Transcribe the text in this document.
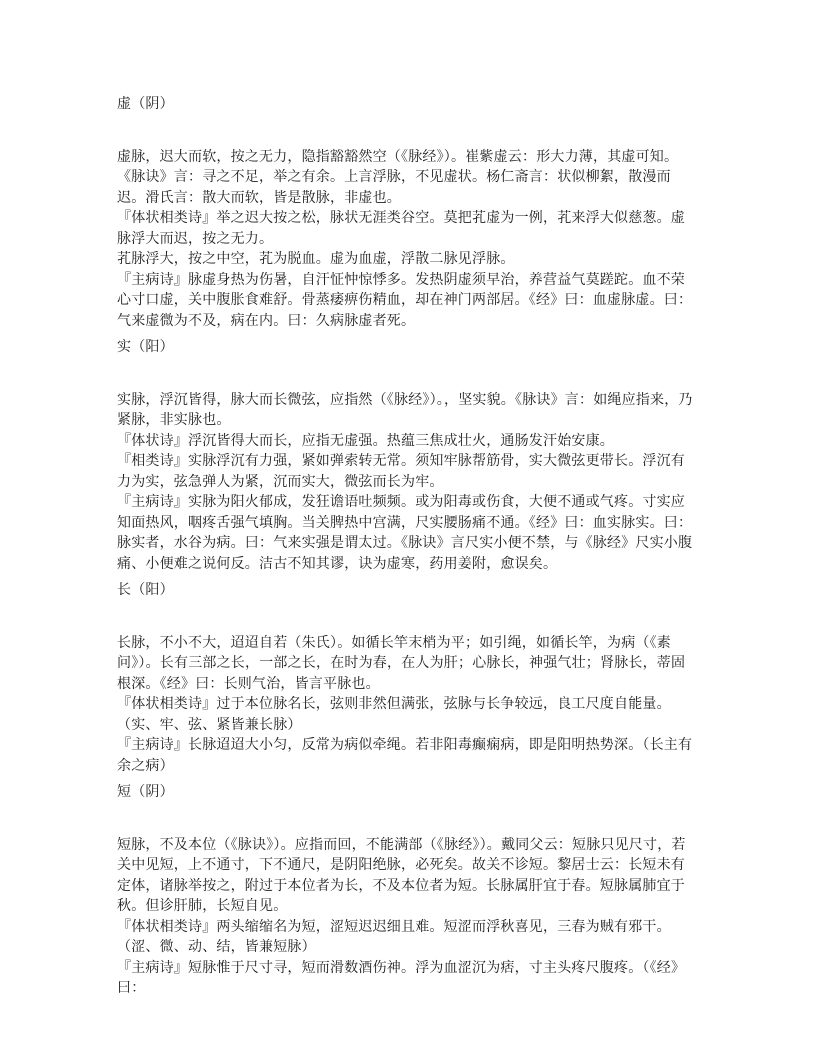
虚（阴）

虚脉，迟大而软，按之无力，隐指豁豁然空（《脉经》）。崔紫虚云：形大力薄，其虚可知。《脉诀》言：寻之不足，举之有余。上言浮脉，不见虚状。杨仁斋言：状似柳絮，散漫而迟。滑氏言：散大而软，皆是散脉，非虚也。

『体状相类诗』举之迟大按之松，脉状无涯类谷空。莫把芤虚为一例，芤来浮大似慈葱。虚脉浮大而迟，按之无力。

芤脉浮大，按之中空，芤为脱血。虚为血虚，浮散二脉见浮脉。

『主病诗』脉虚身热为伤暑，自汗怔忡惊悸多。发热阴虚须早治，养营益气莫蹉跎。血不荣心寸口虚，关中腹胀食难舒。骨蒸痿痹伤精血，却在神门两部居。《经》曰：血虚脉虚。曰：气来虚微为不及，病在内。曰：久病脉虚者死。

实（阳）

实脉，浮沉皆得，脉大而长微弦，应指然（《脉经》）。，坚实貌。《脉诀》言：如绳应指来，乃紧脉，非实脉也。

『体状诗』浮沉皆得大而长，应指无虚强。热蕴三焦成壮火，通肠发汗始安康。

『相类诗』实脉浮沉有力强，紧如弹索转无常。须知牢脉帮筋骨，实大微弦更带长。浮沉有力为实，弦急弹人为紧，沉而实大，微弦而长为牢。

『主病诗』实脉为阳火郁成，发狂谵语吐频频。或为阳毒或伤食，大便不通或气疼。寸实应知面热风，咽疼舌强气填胸。当关脾热中宫满，尺实腰肠痛不通。《经》曰：血实脉实。曰：脉实者，水谷为病。曰：气来实强是谓太过。《脉诀》言尺实小便不禁，与《脉经》尺实小腹痛、小便难之说何反。洁古不知其谬，诀为虚寒，药用姜附，愈误矣。

长（阳）

长脉，不小不大，迢迢自若（朱氏）。如循长竿末梢为平；如引绳，如循长竿，为病（《素问》）。长有三部之长，一部之长，在时为春，在人为肝；心脉长，神强气壮；肾脉长，蒂固根深。《经》曰：长则气治，皆言平脉也。

『体状相类诗』过于本位脉名长，弦则非然但满张，弦脉与长争较远，良工尺度自能量。（实、牢、弦、紧皆兼长脉）

『主病诗』长脉迢迢大小匀，反常为病似牵绳。若非阳毒癫痫病，即是阳明热势深。（长主有余之病）

短（阴）

短脉，不及本位（《脉诀》）。应指而回，不能满部（《脉经》）。戴同父云：短脉只见尺寸，若关中见短，上不通寸，下不通尺，是阴阳绝脉，必死矣。故关不诊短。黎居士云：长短未有定体，诸脉举按之，附过于本位者为长，不及本位者为短。长脉属肝宜于春。短脉属肺宜于秋。但诊肝肺，长短自见。

『体状相类诗』两头缩缩名为短，涩短迟迟细且难。短涩而浮秋喜见，三春为贼有邪干。（涩、微、动、结，皆兼短脉）

『主病诗』短脉惟于尺寸寻，短而滑数酒伤神。浮为血涩沉为痞，寸主头疼尺腹疼。（《经》曰：
